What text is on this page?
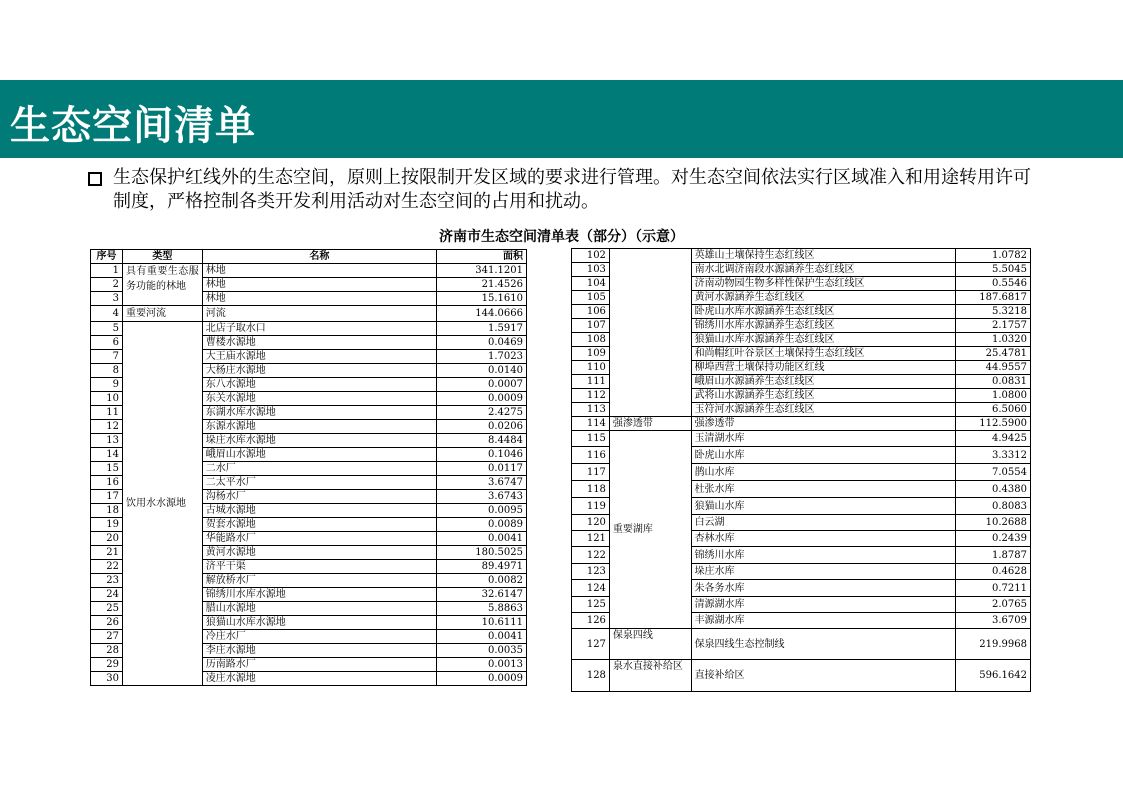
生态空间清单
生态保护红线外的生态空间，原则上按限制开发区域的要求进行管理。对生态空间依法实行区域准入和用途转用许可制度，严格控制各类开发利用活动对生态空间的占用和扰动。
济南市生态空间清单表（部分）（示意）
序号	类型	名称	面积
1	具有重要生态服务功能的林地	林地	341.1201
2		林地	21.4526
3		林地	15.1610
4	重要河流	河流	144.0666
5	饮用水水源地	北店子取水口	1.5917
6		曹楼水源地	0.0469
7		大王庙水源地	1.7023
8		大杨庄水源地	0.0140
9		东八水源地	0.0007
10		东关水源地	0.0009
11		东湖水库水源地	2.4275
12		东源水源地	0.0206
13		垛庄水库水源地	8.4484
14		峨眉山水源地	0.1046
15		二水厂	0.0117
16		二太平水厂	3.6747
17		沟杨水厂	3.6743
18		古城水源地	0.0095
19		贺套水源地	0.0089
20		华能路水厂	0.0041
21		黄河水源地	180.5025
22		济平干渠	89.4971
23		解放桥水厂	0.0082
24		锦绣川水库水源地	32.6147
25		腊山水源地	5.8863
26		狼猫山水库水源地	10.6111
27		冷庄水厂	0.0041
28		李庄水源地	0.0035
29		历南路水厂	0.0013
30		凌庄水源地	0.0009
102		英雄山土壤保持生态红线区	1.0782
103		南水北调济南段水源涵养生态红线区	5.5045
104		济南动物园生物多样性保护生态红线区	0.5546
105		黄河水源涵养生态红线区	187.6817
106		卧虎山水库水源涵养生态红线区	5.3218
107		锦绣川水库水源涵养生态红线区	2.1757
108		狼猫山水库水源涵养生态红线区	1.0320
109		和尚帽红叶谷景区土壤保持生态红线区	25.4781
110		柳埠西营土壤保持功能区红线	44.9557
111		峨眉山水源涵养生态红线区	0.0831
112		武将山水源涵养生态红线区	1.0800
113		玉符河水源涵养生态红线区	6.5060
114	强渗透带	强渗透带	112.5900
115	重要湖库	玉清湖水库	4.9425
116		卧虎山水库	3.3312
117		鹊山水库	7.0554
118		杜张水库	0.4380
119		狼猫山水库	0.8083
120		白云湖	10.2688
121		杏林水库	0.2439
122		锦绣川水库	1.8787
123		垛庄水库	0.4628
124		朱各务水库	0.7211
125		清源湖水库	2.0765
126		丰源湖水库	3.6709
127	保泉四线	保泉四线生态控制线	219.9968
128	泉水直接补给区	直接补给区	596.1642
